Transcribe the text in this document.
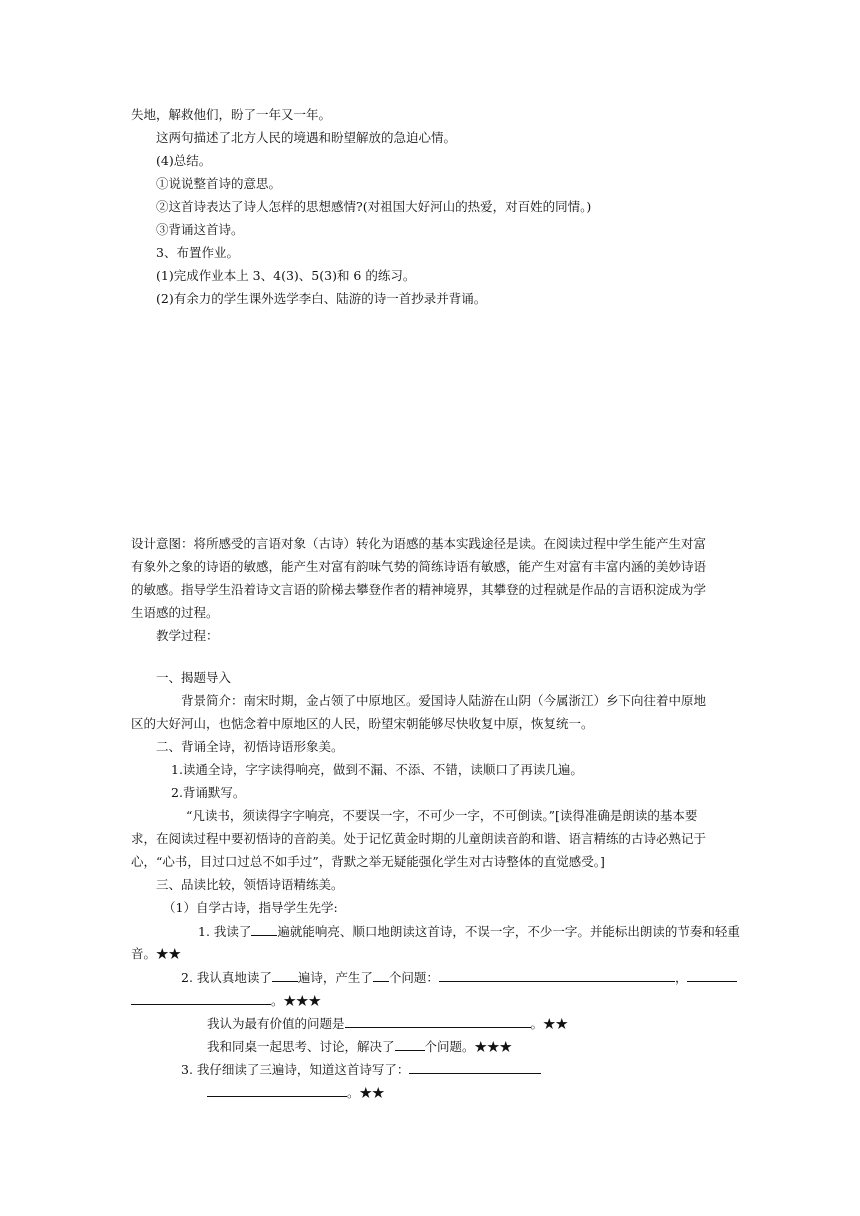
失地，解救他们，盼了一年又一年。
这两句描述了北方人民的境遇和盼望解放的急迫心情。
(4)总结。
①说说整首诗的意思。
②这首诗表达了诗人怎样的思想感情?(对祖国大好河山的热爱，对百姓的同情。)
③背诵这首诗。
3、布置作业。
(1)完成作业本上 3、4(3)、5(3)和 6 的练习。
(2)有余力的学生课外选学李白、陆游的诗一首抄录并背诵。
设计意图：将所感受的言语对象（古诗）转化为语感的基本实践途径是读。在阅读过程中学生能产生对富
有象外之象的诗语的敏感，能产生对富有韵味气势的简练诗语有敏感，能产生对富有丰富内涵的美妙诗语
的敏感。指导学生沿着诗文言语的阶梯去攀登作者的精神境界，其攀登的过程就是作品的言语积淀成为学
生语感的过程。
教学过程：
一、揭题导入
背景简介：南宋时期，金占领了中原地区。爱国诗人陆游在山阴（今属浙江）乡下向往着中原地
区的大好河山，也惦念着中原地区的人民，盼望宋朝能够尽快收复中原，恢复统一。
二、背诵全诗，初悟诗语形象美。
1.读通全诗，字字读得响亮，做到不漏、不添、不错，读顺口了再读几遍。
2.背诵默写。
“凡读书，须读得字字响亮，不要误一字，不可少一字，不可倒读。”[读得准确是朗读的基本要
求，在阅读过程中要初悟诗的音韵美。处于记忆黄金时期的儿童朗读音韵和谐、语言精练的古诗必熟记于
心，“心书，目过口过总不如手过”，背默之举无疑能强化学生对古诗整体的直觉感受。]
三、品读比较，领悟诗语精练美。
（1）自学古诗，指导学生先学:
1. 我读了 遍就能响亮、顺口地朗读这首诗，不误一字，不少一字。并能标出朗读的节奏和轻重
音。★★
2. 我认真地读了 遍诗，产生了 个问题：	，
。★★★
我认为最有价值的问题是	。★★
我和同桌一起思考、讨论，解决了 个问题。★★★
3. 我仔细读了三遍诗，知道这首诗写了：
。★★
